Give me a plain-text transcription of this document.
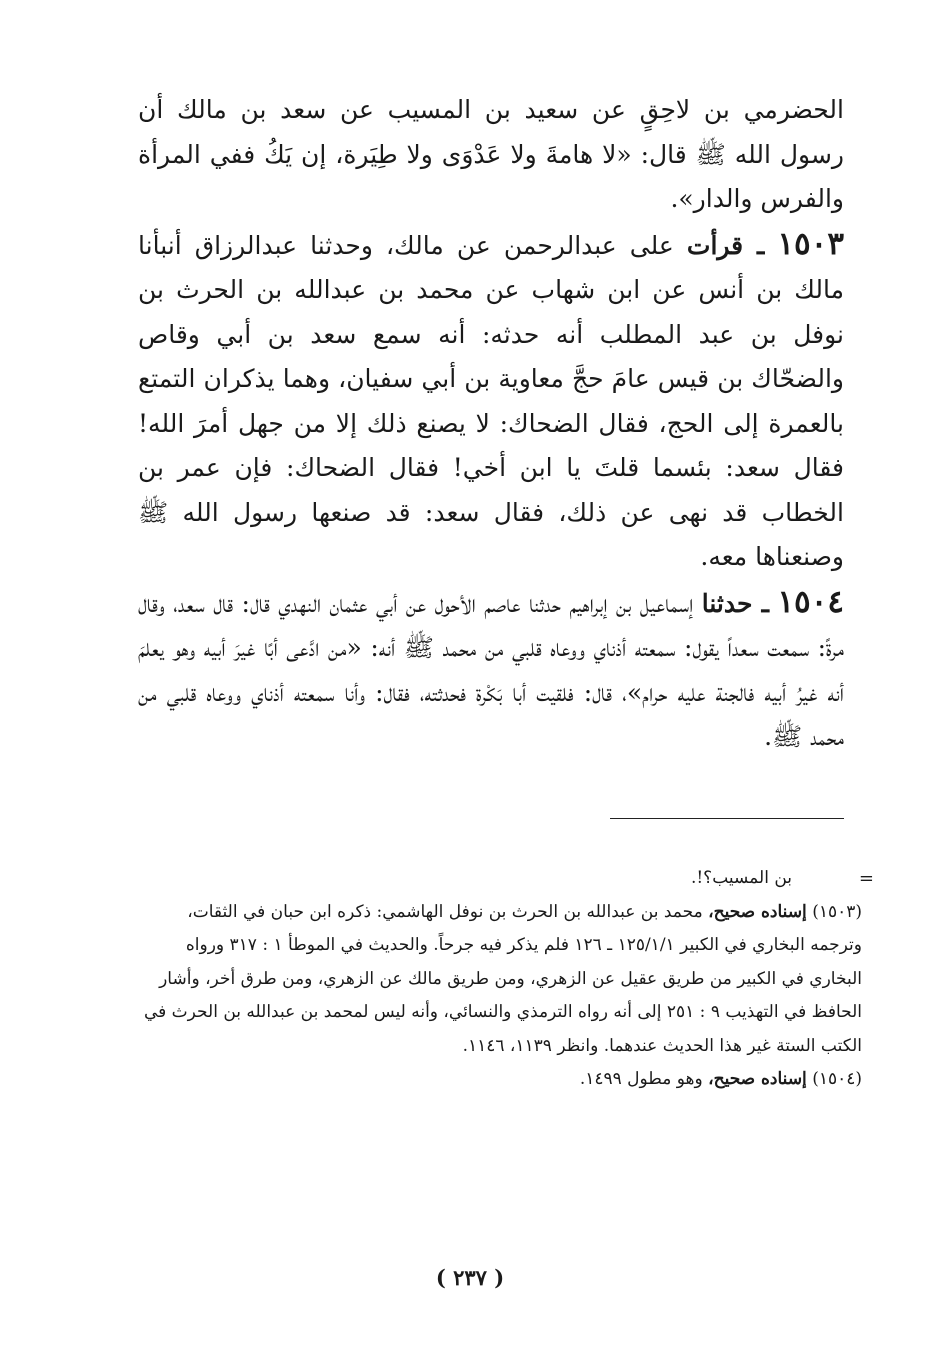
الحضرمي بن لاحِقٍ عن سعيد بن المسيب عن سعد بن مالك أن رسول الله ﷺ قال: «لا هامةَ ولا عَدْوَى ولا طِيَرة، إن يَكُ ففي المرأة والفرس والدار».

١٥٠٣ ـ قرأت على عبدالرحمن عن مالك، وحدثنا عبدالرزاق أنبأنا مالك بن أنس عن ابن شهاب عن محمد بن عبدالله بن الحرث بن نوفل بن عبد المطلب أنه حدثه: أنه سمع سعد بن أبي وقاص والضحّاك بن قيس عامَ حجَّ معاوية بن أبي سفيان، وهما يذكران التمتع بالعمرة إلى الحج، فقال الضحاك: لا يصنع ذلك إلا من جهل أمرَ الله! فقال سعد: بئسما قلتَ يا ابن أخي! فقال الضحاك: فإن عمر بن الخطاب قد نهى عن ذلك، فقال سعد: قد صنعها رسول الله ﷺ وصنعناها معه.

١٥٠٤ ـ حدثنا إسماعيل بن إبراهيم حدثنا عاصم الأحول عن أبي عثمان النهدي قال: قال سعد، وقال مرةً: سمعت سعداً يقول: سمعته أذناي ووعاه قلبي من محمد ﷺ أنه: «من ادَّعى أبًا غيرَ أبيه وهو يعلمَ أنه غيرُ أبيه فالجنة عليه حرام»، قال: فلقيت أبا بَكْرة فحدثته، فقال: وأنا سمعته أذناي ووعاه قلبي من محمد ﷺ.

=
بن المسيب؟!.
(١٥٠٣) إسناده صحيح، محمد بن عبدالله بن الحرث بن نوفل الهاشمي: ذكره ابن حبان في الثقات، وترجمه البخاري في الكبير ١٢٥/١/١ ـ ١٢٦ فلم يذكر فيه جرحاً. والحديث في الموطأ ١ : ٣١٧ ورواه البخاري في الكبير من طريق عقيل عن الزهري، ومن طريق مالك عن الزهري، ومن طرق أخر، وأشار الحافظ في التهذيب ٩ : ٢٥١ إلى أنه رواه الترمذي والنسائي، وأنه ليس لمحمد بن عبدالله بن الحرث في الكتب الستة غير هذا الحديث عندهما. وانظر ١١٣٩، ١١٤٦.
(١٥٠٤) إسناده صحيح، وهو مطول ١٤٩٩.
( ٢٣٧ )
